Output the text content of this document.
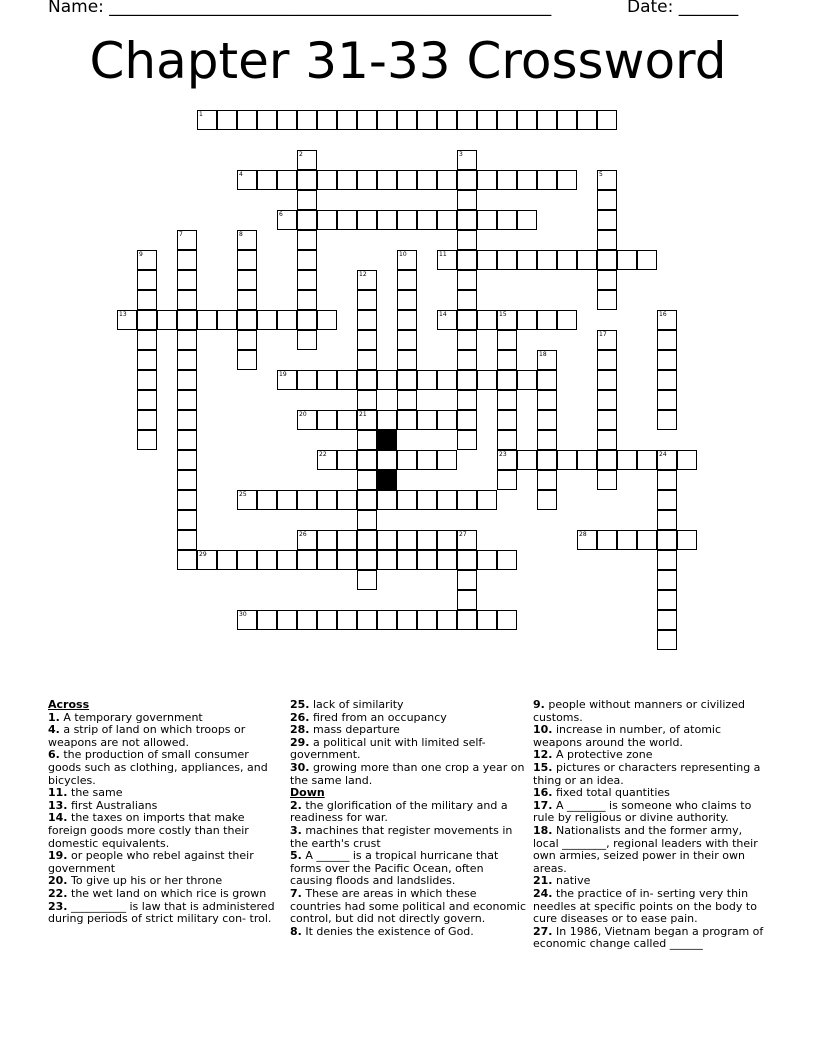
Name: ____________________________________________________	Date: _______
Chapter 31-33 Crossword
1
4
6
11
13	14	15
19
20	21
22	23	24
25
26	27	28
29
30
2	3
5
7	8
9	10
12
16
17
18
Across
1. A temporary government
4. a strip of land on which troops or weapons are not allowed.
6. the production of small consumer goods such as clothing, appliances, and bicycles.
11. the same
13. first Australians
14. the taxes on imports that make foreign goods more costly than their domestic equivalents.
19. or people who rebel against their government
20. To give up his or her throne
22. the wet land on which rice is grown
23. __________ is law that is administered during periods of strict military con- trol.
25. lack of similarity
26. fired from an occupancy
28. mass departure
29. a political unit with limited self-government.
30. growing more than one crop a year on the same land.
Down
2. the glorification of the military and a readiness for war.
3. machines that register movements in the earth's crust
5. A ______ is a tropical hurricane that forms over the Pacific Ocean, often causing floods and landslides.
7. These are areas in which these countries had some political and economic control, but did not directly govern.
8. It denies the existence of God.
9. people without manners or civilized customs.
10. increase in number, of atomic weapons around the world.
12. A protective zone
15. pictures or characters representing a thing or an idea.
16. fixed total quantities
17. A _______ is someone who claims to rule by religious or divine authority.
18. Nationalists and the former army, local ________, regional leaders with their own armies, seized power in their own areas.
21. native
24. the practice of in- serting very thin needles at specific points on the body to cure diseases or to ease pain.
27. In 1986, Vietnam began a program of economic change called ______
